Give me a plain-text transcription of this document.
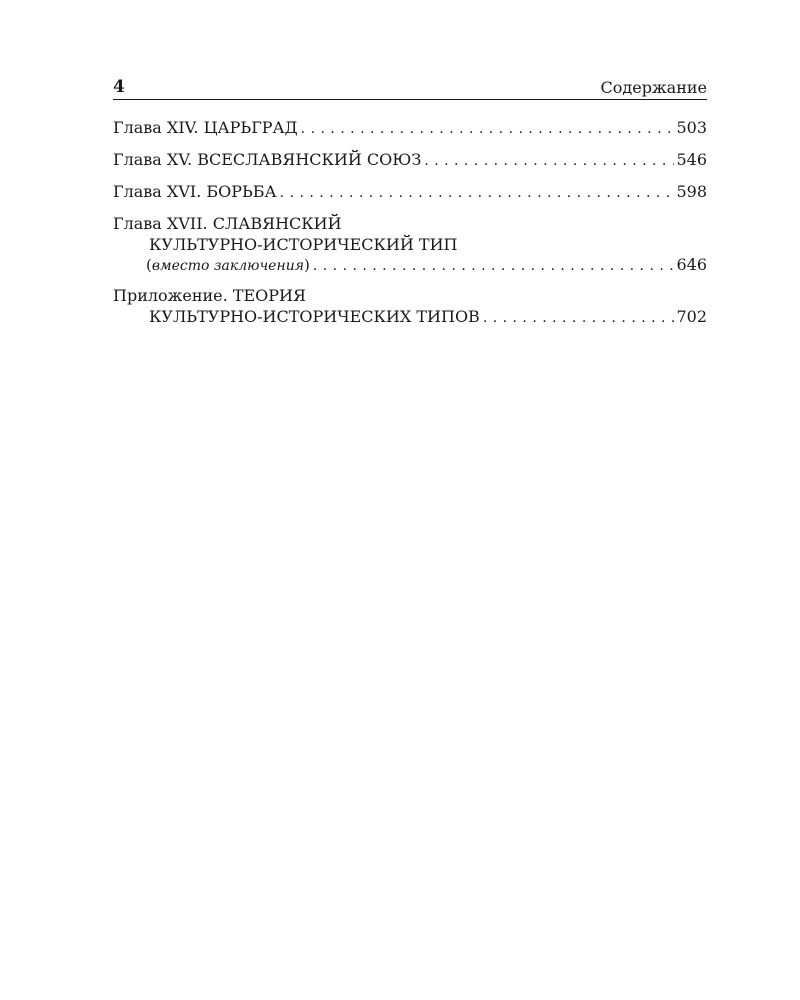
4	Содержание
Глава XIV. ЦАРЬГРАД . . .	503
Глава XV. ВСЕСЛАВЯНСКИЙ СОЮЗ . . .	546
Глава XVI. БОРЬБА . . .	598
Глава XVII. СЛАВЯНСКИЙ
КУЛЬТУРНО-ИСТОРИЧЕСКИЙ ТИП
(вместо заключения) . . .	646
Приложение. ТЕОРИЯ
КУЛЬТУРНО-ИСТОРИЧЕСКИХ ТИПОВ . . .	702
